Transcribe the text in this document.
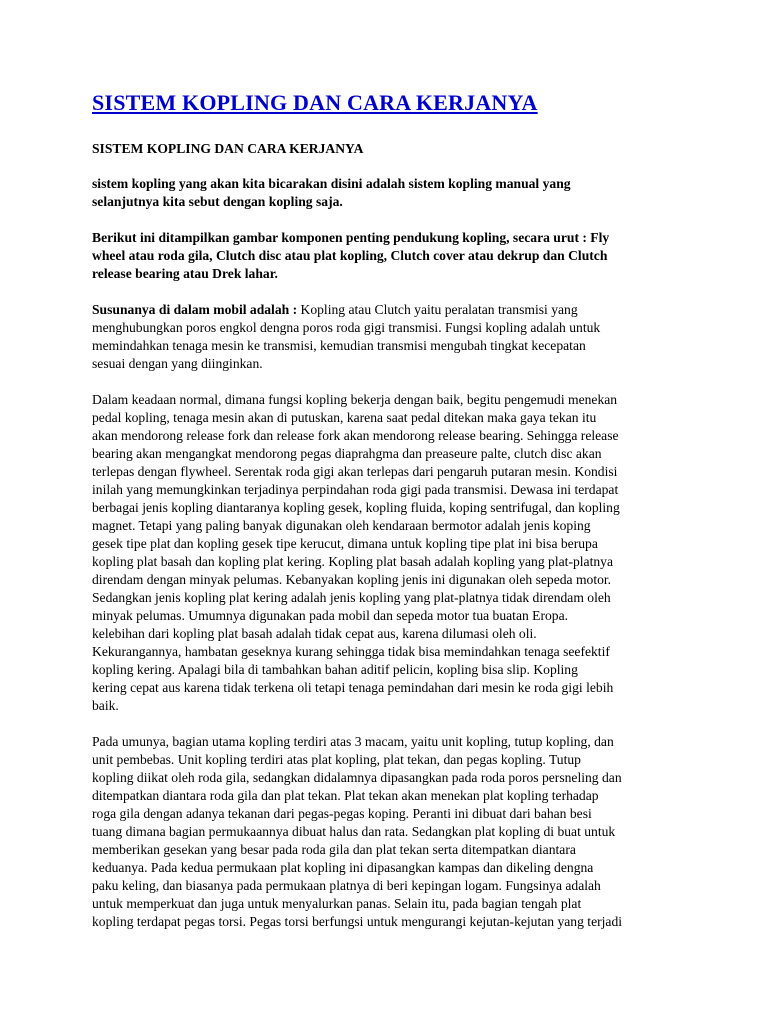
SISTEM KOPLING DAN CARA KERJANYA
SISTEM KOPLING DAN CARA KERJANYA

sistem kopling yang akan kita bicarakan disini adalah sistem kopling manual yang
selanjutnya kita sebut dengan kopling saja.

Berikut ini ditampilkan gambar komponen penting pendukung kopling, secara urut : Fly
wheel atau roda gila, Clutch disc atau plat kopling, Clutch cover atau dekrup dan Clutch
release bearing atau Drek lahar.

Susunanya di dalam mobil adalah : Kopling atau Clutch yaitu peralatan transmisi yang
menghubungkan poros engkol dengna poros roda gigi transmisi. Fungsi kopling adalah untuk
memindahkan tenaga mesin ke transmisi, kemudian transmisi mengubah tingkat kecepatan
sesuai dengan yang diinginkan.

Dalam keadaan normal, dimana fungsi kopling bekerja dengan baik, begitu pengemudi menekan
pedal kopling, tenaga mesin akan di putuskan, karena saat pedal ditekan maka gaya tekan itu
akan mendorong release fork dan release fork akan mendorong release bearing. Sehingga release
bearing akan mengangkat mendorong pegas diaprahgma dan preaseure palte, clutch disc akan
terlepas dengan flywheel. Serentak roda gigi akan terlepas dari pengaruh putaran mesin. Kondisi
inilah yang memungkinkan terjadinya perpindahan roda gigi pada transmisi. Dewasa ini terdapat
berbagai jenis kopling diantaranya kopling gesek, kopling fluida, koping sentrifugal, dan kopling
magnet. Tetapi yang paling banyak digunakan oleh kendaraan bermotor adalah jenis koping
gesek tipe plat dan kopling gesek tipe kerucut, dimana untuk kopling tipe plat ini bisa berupa
kopling plat basah dan kopling plat kering. Kopling plat basah adalah kopling yang plat-platnya
direndam dengan minyak pelumas. Kebanyakan kopling jenis ini digunakan oleh sepeda motor.
Sedangkan jenis kopling plat kering adalah jenis kopling yang plat-platnya tidak direndam oleh
minyak pelumas. Umumnya digunakan pada mobil dan sepeda motor tua buatan Eropa.
kelebihan dari kopling plat basah adalah tidak cepat aus, karena dilumasi oleh oli.
Kekurangannya, hambatan geseknya kurang sehingga tidak bisa memindahkan tenaga seefektif
kopling kering. Apalagi bila di tambahkan bahan aditif pelicin, kopling bisa slip. Kopling
kering cepat aus karena tidak terkena oli tetapi tenaga pemindahan dari mesin ke roda gigi lebih
baik.

Pada umunya, bagian utama kopling terdiri atas 3 macam, yaitu unit kopling, tutup kopling, dan
unit pembebas. Unit kopling terdiri atas plat kopling, plat tekan, dan pegas kopling. Tutup
kopling diikat oleh roda gila, sedangkan didalamnya dipasangkan pada roda poros persneling dan
ditempatkan diantara roda gila dan plat tekan. Plat tekan akan menekan plat kopling terhadap
roga gila dengan adanya tekanan dari pegas-pegas koping. Peranti ini dibuat dari bahan besi
tuang dimana bagian permukaannya dibuat halus dan rata. Sedangkan plat kopling di buat untuk
memberikan gesekan yang besar pada roda gila dan plat tekan serta ditempatkan diantara
keduanya. Pada kedua permukaan plat kopling ini dipasangkan kampas dan dikeling dengna
paku keling, dan biasanya pada permukaan platnya di beri kepingan logam. Fungsinya adalah
untuk memperkuat dan juga untuk menyalurkan panas. Selain itu, pada bagian tengah plat
kopling terdapat pegas torsi. Pegas torsi berfungsi untuk mengurangi kejutan-kejutan yang terjadi
